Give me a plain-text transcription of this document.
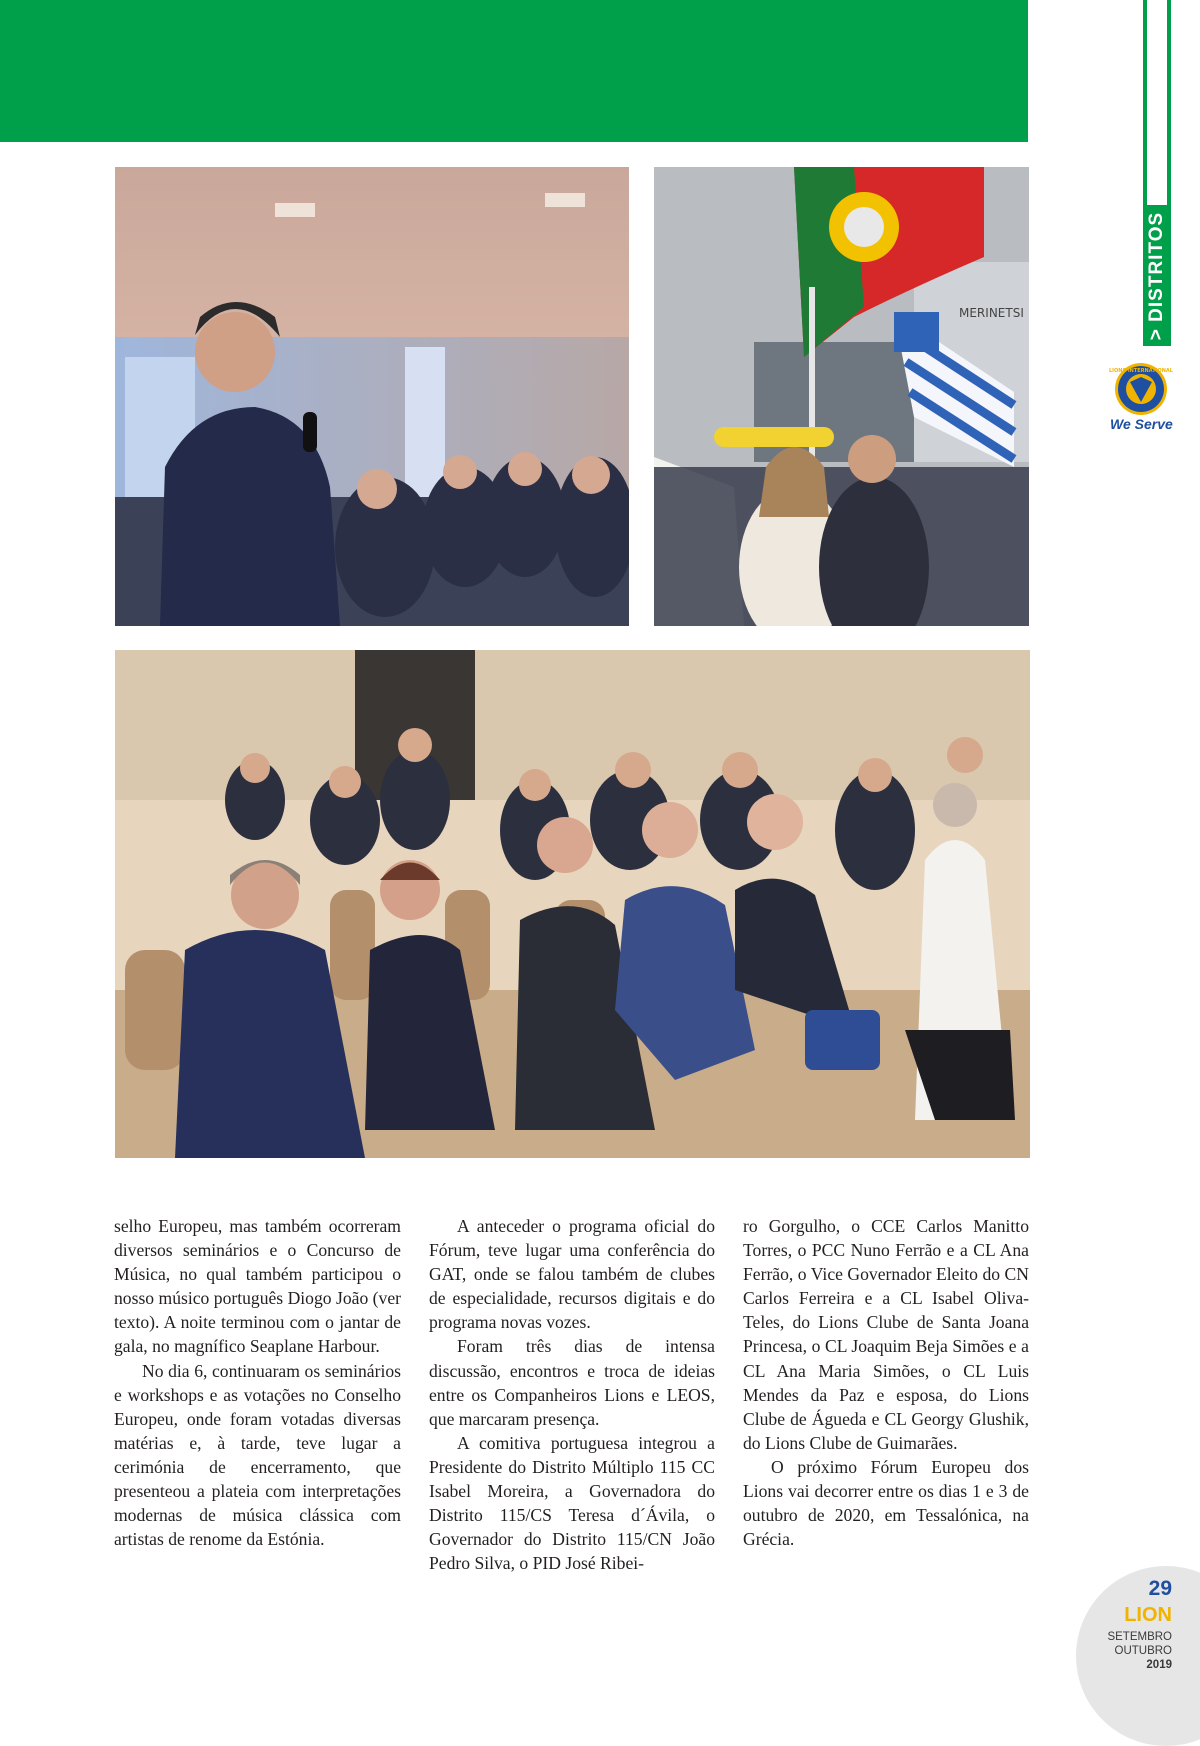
> DISTRITOS
LIONS INTERNATIONAL
We Serve
MERINETSI

selho Europeu, mas também ocorreram diversos seminários e o Concurso de Música, no qual também participou o nosso músico português Diogo João (ver texto). A noite terminou com o jantar de gala, no magnífico Seaplane Harbour.

No dia 6, continuaram os seminários e workshops e as votações no Conselho Europeu, onde foram votadas diversas matérias e, à tarde, teve lugar a cerimónia de encerramento, que presenteou a plateia com interpretações modernas de música clássica com artistas de renome da Estónia.

A anteceder o programa oficial do Fórum, teve lugar uma conferência do GAT, onde se falou também de clubes de especialidade, recursos digitais e do programa novas vozes.

Foram três dias de intensa discussão, encontros e troca de ideias entre os Companheiros Lions e LEOS, que marcaram presença.

A comitiva portuguesa integrou a Presidente do Distrito Múltiplo 115 CC Isabel Moreira, a Governadora do Distrito 115/CS Teresa d´Ávila, o Governador do Distrito 115/CN João Pedro Silva, o PID José Ribei-

ro Gorgulho, o CCE Carlos Manitto Torres, o PCC Nuno Ferrão e a CL Ana Ferrão, o Vice Governador Eleito do CN Carlos Ferreira e a CL Isabel Oliva-Teles, do Lions Clube de Santa Joana Princesa, o CL Joaquim Beja Simões e a CL Ana Maria Simões, o CL Luis Mendes da Paz e esposa, do Lions Clube de Águeda e CL Georgy Glushik, do Lions Clube de Guimarães.

O próximo Fórum Europeu dos Lions vai decorrer entre os dias 1 e 3 de outubro de 2020, em Tessalónica, na Grécia.

29
LION
SETEMBRO
OUTUBRO
2019
